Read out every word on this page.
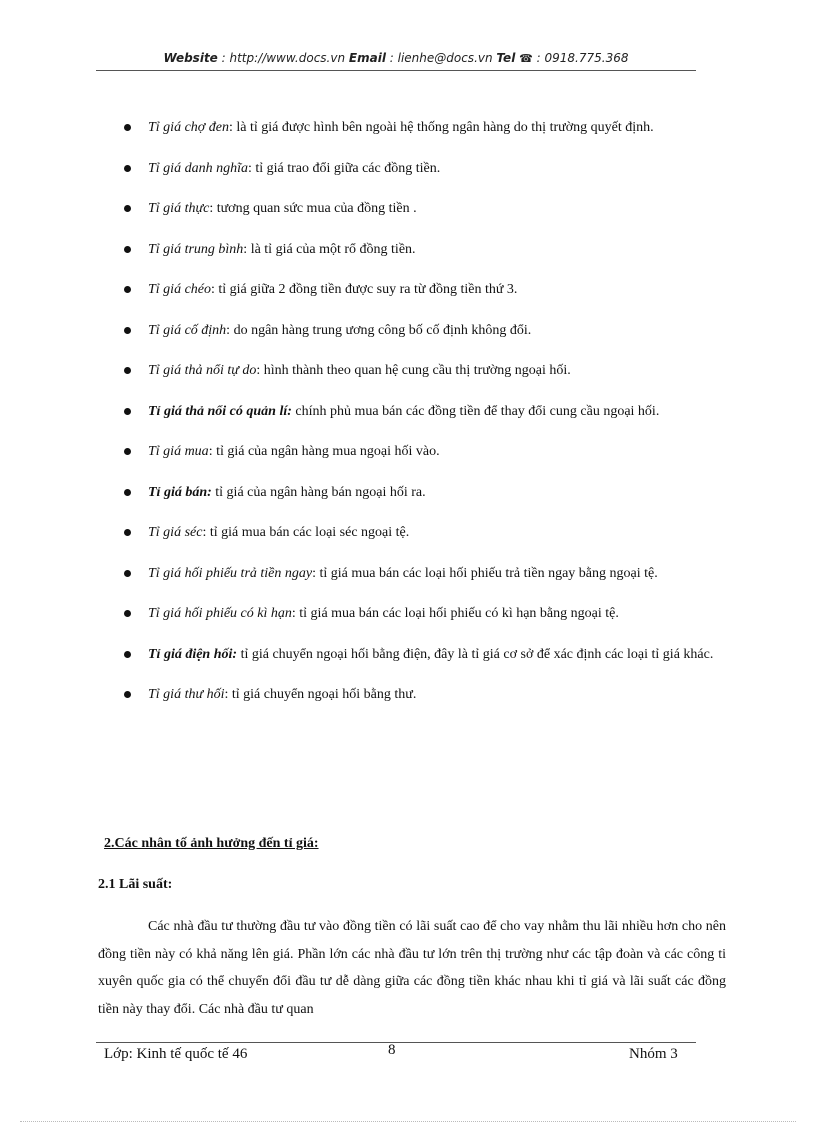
Website : http://www.docs.vn Email : lienhe@docs.vn Tel ☎ : 0918.775.368
Tỉ giá chợ đen: là tỉ giá được hình bên ngoài hệ thống ngân hàng do thị trường quyết định.
Tỉ giá danh nghĩa: tỉ giá trao đổi giữa các đồng tiền.
Tỉ giá thực: tương quan sức mua của đồng tiền .
Tỉ giá trung bình: là tỉ giá của một rổ đồng tiền.
Tỉ giá chéo: tỉ giá giữa 2 đồng tiền được suy ra từ đồng tiền thứ 3.
Tỉ giá cố định: do ngân hàng trung ương công bố cố định không đổi.
Tỉ giá thả nổi tự do: hình thành theo quan hệ cung cầu thị trường ngoại hối.
Tỉ giá thả nổi có quản lí: chính phủ mua bán các đồng tiền để thay đổi cung cầu ngoại hối.
Tỉ giá mua: tỉ giá của ngân hàng mua ngoại hối vào.
Tỉ giá bán: tỉ giá của ngân hàng bán ngoại hối ra.
Tỉ giá séc: tỉ giá mua bán các loại séc ngoại tệ.
Tỉ giá hối phiếu trả tiền ngay: tỉ giá mua bán các loại hối phiếu trả tiền ngay bằng ngoại tệ.
Tỉ giá hối phiếu có kì hạn: tỉ giá mua bán các loại hối phiếu có kì hạn bằng ngoại tệ.
Tỉ giá điện hối: tỉ giá chuyển ngoại hối bằng điện, đây là tỉ giá cơ sở để xác định các loại tỉ giá khác.
Tỉ giá thư hối: tỉ giá chuyển ngoại hối bằng thư.
2.Các nhân tố ảnh hưởng đến tỉ giá:
2.1 Lãi suất:
Các nhà đầu tư thường đầu tư vào đồng tiền có lãi suất cao để cho vay nhằm thu lãi nhiều hơn cho nên đồng tiền này có khả năng lên giá. Phần lớn các nhà đầu tư lớn trên thị trường như các tập đoàn và các công ti xuyên quốc gia có thể chuyển đổi đầu tư dễ dàng giữa các đồng tiền khác nhau khi tỉ giá và lãi suất các đồng tiền này thay đổi. Các nhà đầu tư quan
Lớp: Kinh tế quốc tế 46	8	Nhóm 3
